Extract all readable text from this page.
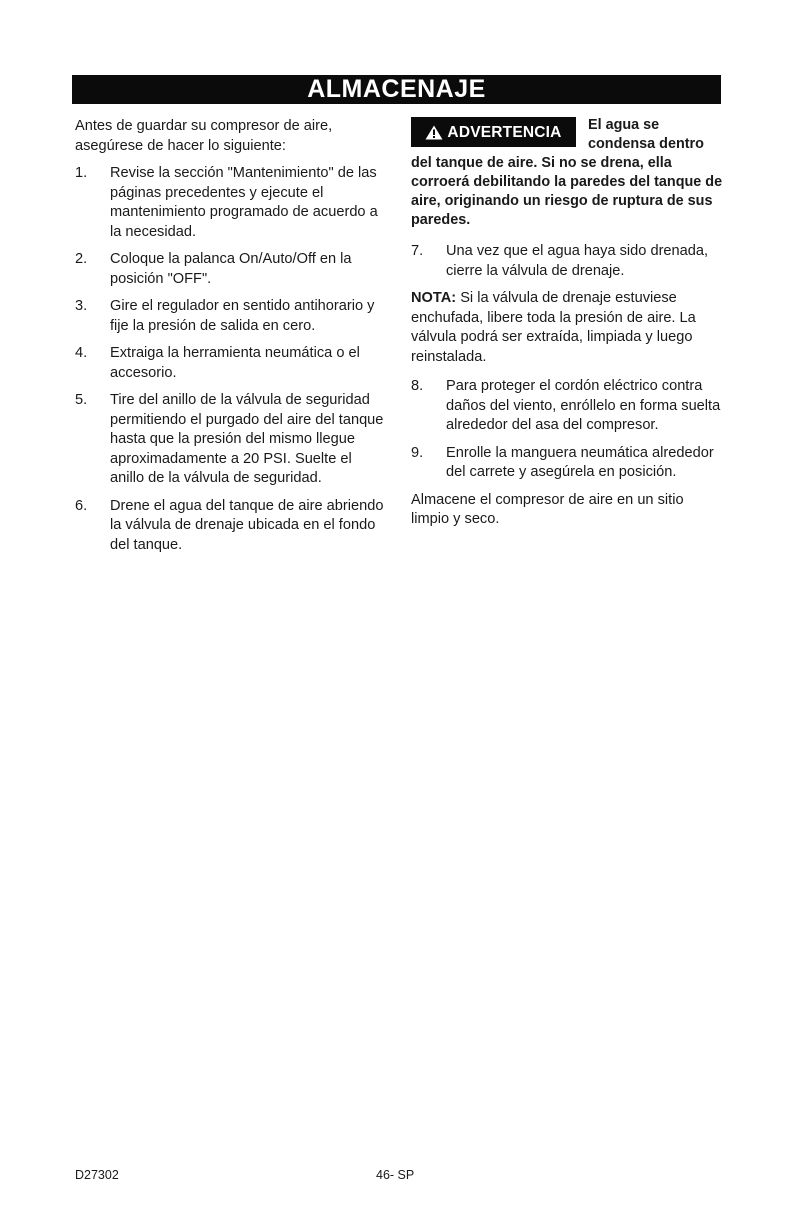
ALMACENAJE

Antes de guardar su compresor de aire, asegúrese de hacer lo siguiente:

1. Revise la sección "Mantenimiento" de las páginas precedentes y ejecute el mantenimiento programado de acuerdo a la necesidad.
2. Coloque la palanca On/Auto/Off en la posición "OFF".
3. Gire el regulador en sentido antihorario y fije la presión de salida en cero.
4. Extraiga la herramienta neumática o el accesorio.
5. Tire del anillo de la válvula de seguridad permitiendo el purgado del aire del tanque hasta que la presión del mismo llegue aproximadamente a 20 PSI. Suelte el anillo de la válvula de seguridad.
6. Drene el agua del tanque de aire abriendo la válvula de drenaje ubicada en el fondo del tanque.
ADVERTENCIA	El agua se condensa dentro

del tanque de aire. Si no se drena, ella corroerá debilitando la paredes del tanque de aire, originando un riesgo de ruptura de sus paredes.

7. Una vez que el agua haya sido drenada, cierre la válvula de drenaje.

NOTA: Si la válvula de drenaje estuviese enchufada, libere toda la presión de aire. La válvula podrá ser extraída, limpiada y luego reinstalada.

8. Para proteger el cordón eléctrico contra daños del viento, enróllelo en forma suelta alrededor del asa del compresor.
9. Enrolle la manguera neumática alrededor del carrete y asegúrela en posición.

Almacene el compresor de aire en un sitio limpio y seco.

D27302	46- SP
